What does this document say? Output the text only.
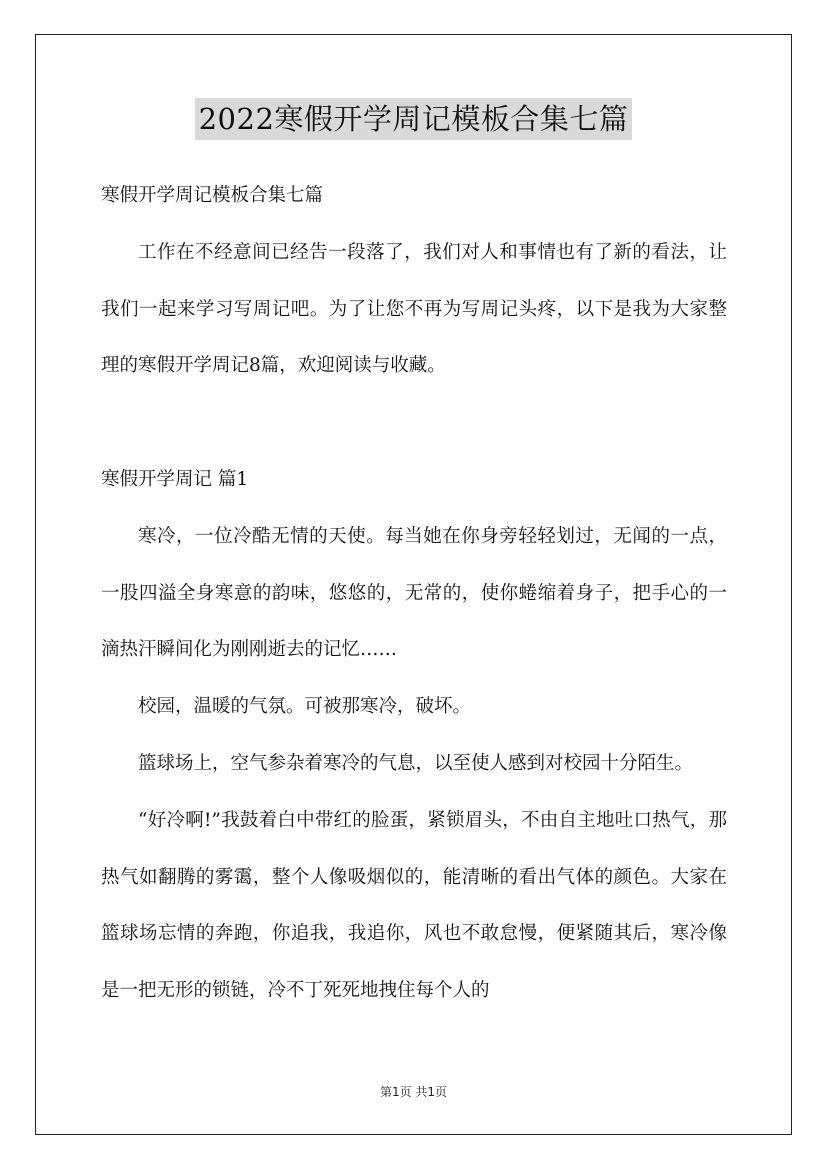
2022寒假开学周记模板合集七篇

寒假开学周记模板合集七篇

工作在不经意间已经告一段落了，我们对人和事情也有了新的看法，让我们一起来学习写周记吧。为了让您不再为写周记头疼，以下是我为大家整理的寒假开学周记8篇，欢迎阅读与收藏。

寒假开学周记 篇1

寒冷，一位冷酷无情的天使。每当她在你身旁轻轻划过，无闻的一点，一股四溢全身寒意的韵味，悠悠的，无常的，使你蜷缩着身子，把手心的一滴热汗瞬间化为刚刚逝去的记忆……

校园，温暖的气氛。可被那寒冷，破坏。

篮球场上，空气参杂着寒冷的气息，以至使人感到对校园十分陌生。

“好冷啊!”我鼓着白中带红的脸蛋，紧锁眉头，不由自主地吐口热气，那热气如翻腾的雾霭，整个人像吸烟似的，能清晰的看出气体的颜色。大家在篮球场忘情的奔跑，你追我，我追你，风也不敢怠慢，便紧随其后，寒冷像是一把无形的锁链，冷不丁死死地拽住每个人的

第1页 共1页
